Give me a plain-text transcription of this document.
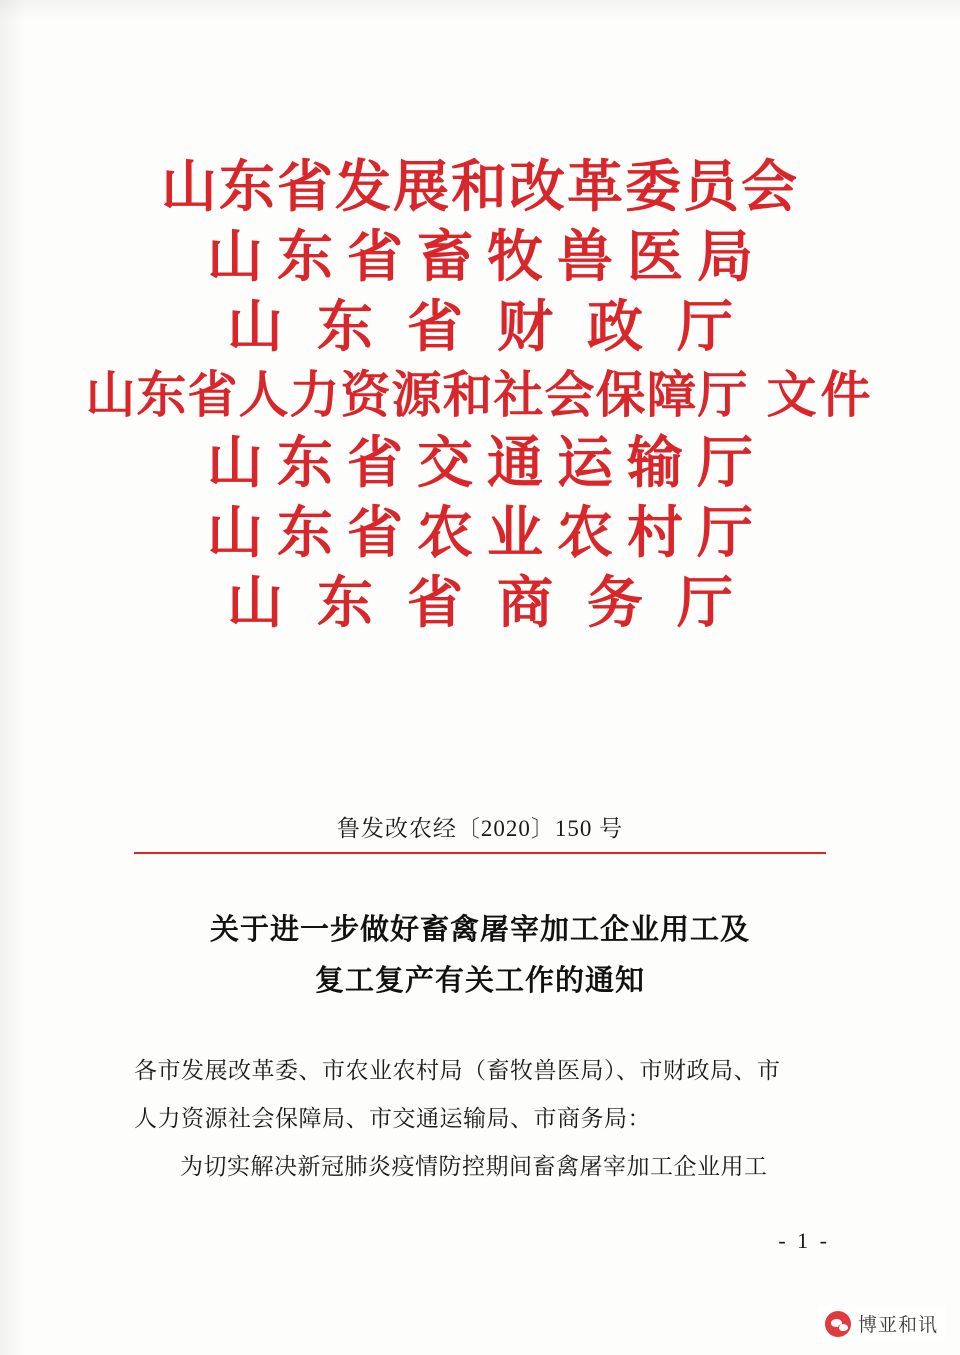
山东省发展和改革委员会
山东省畜牧兽医局
山东省财政厅
山东省人力资源和社会保障厅 文件
山东省交通运输厅
山东省农业农村厅
山东省商务厅
鲁发改农经〔2020〕150 号
关于进一步做好畜禽屠宰加工企业用工及
复工复产有关工作的通知

各市发展改革委、市农业农村局（畜牧兽医局）、市财政局、市

人力资源社会保障局、市交通运输局、市商务局：

为切实解决新冠肺炎疫情防控期间畜禽屠宰加工企业用工

- 1 -
博亚和讯
